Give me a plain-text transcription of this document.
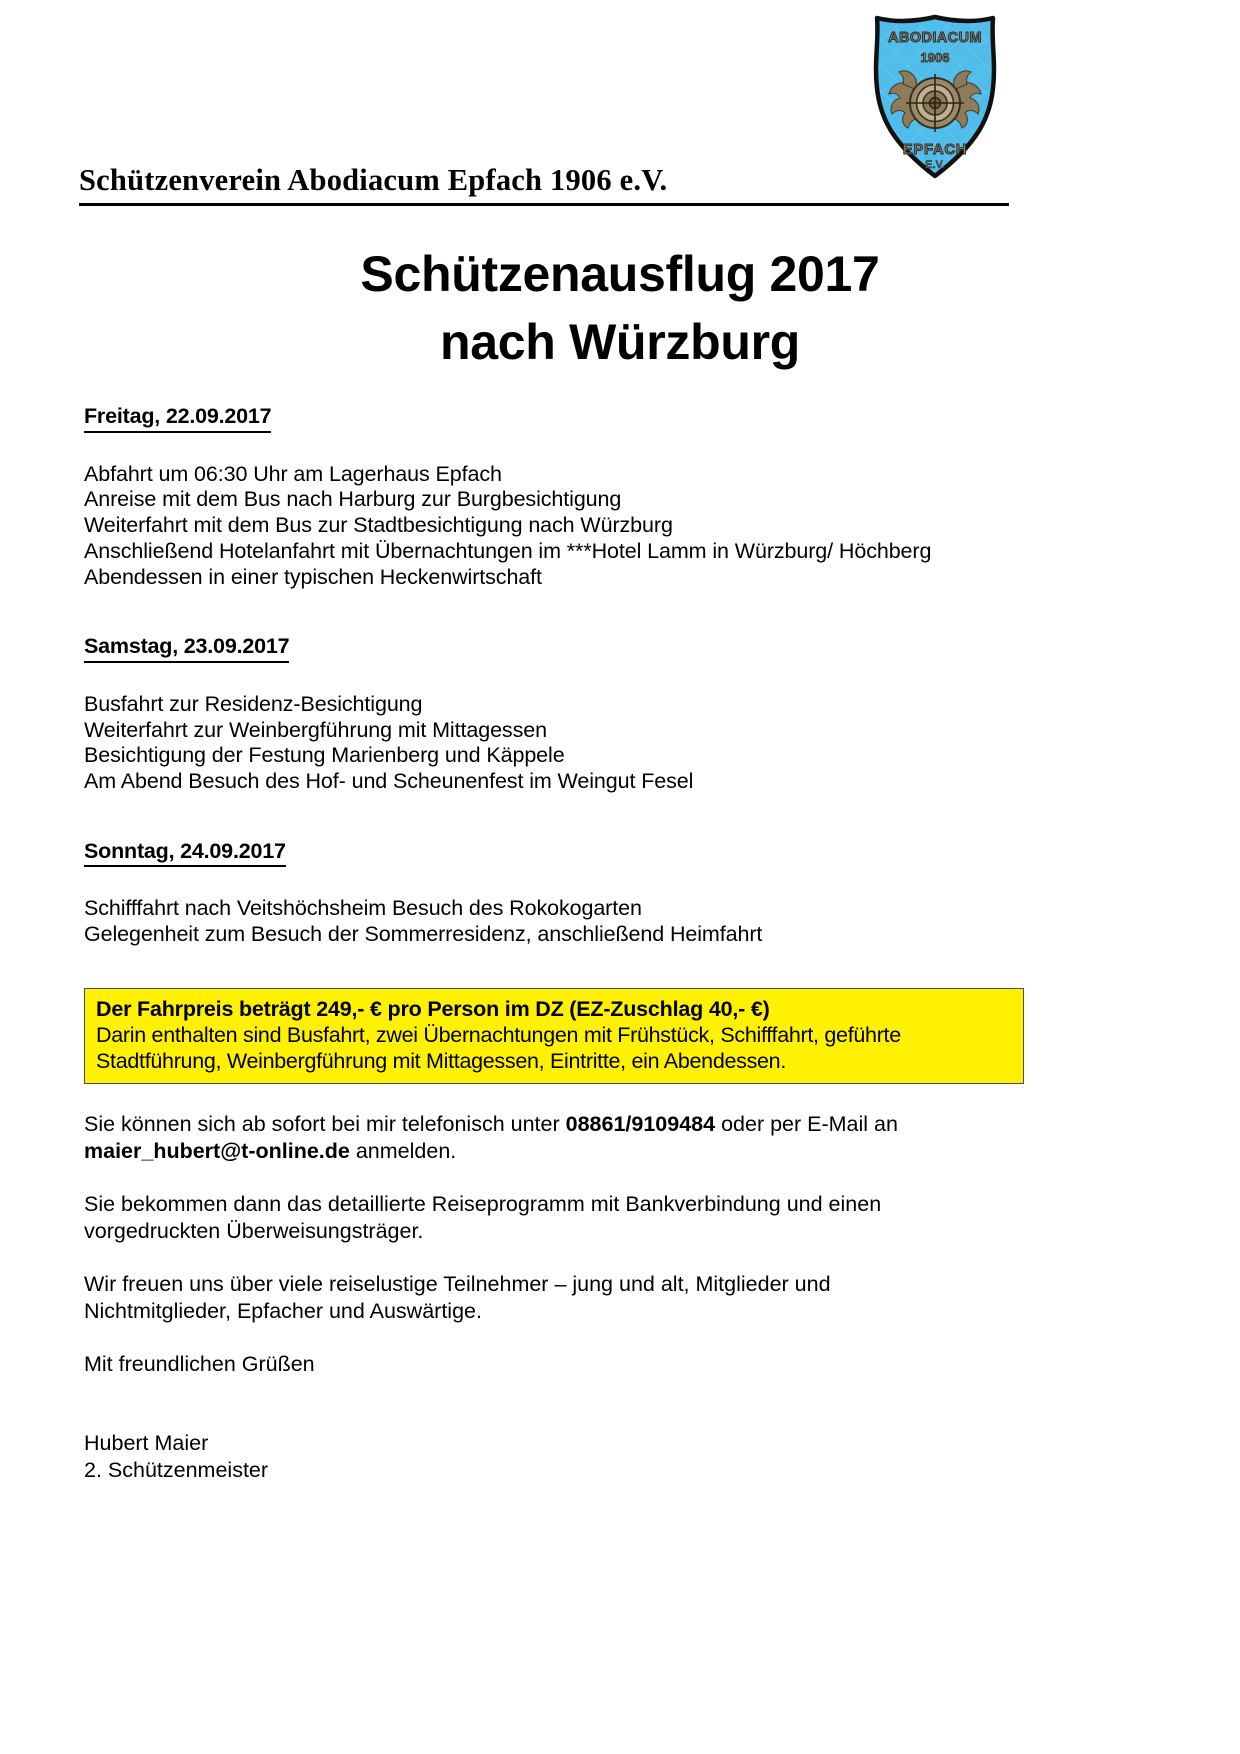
ABODIACUM
1906
EPFACH
E.V.
Schützenverein Abodiacum Epfach 1906 e.V.
Schützenausflug 2017
nach Würzburg
Freitag, 22.09.2017
Abfahrt um 06:30 Uhr am Lagerhaus Epfach
Anreise mit dem Bus nach Harburg zur Burgbesichtigung
Weiterfahrt mit dem Bus zur Stadtbesichtigung nach Würzburg
Anschließend Hotelanfahrt mit Übernachtungen im ***Hotel Lamm in Würzburg/ Höchberg
Abendessen in einer typischen Heckenwirtschaft
Samstag, 23.09.2017
Busfahrt zur Residenz-Besichtigung
Weiterfahrt zur Weinbergführung mit Mittagessen
Besichtigung der Festung Marienberg und Käppele
Am Abend Besuch des Hof- und Scheunenfest im Weingut Fesel
Sonntag, 24.09.2017
Schifffahrt nach Veitshöchsheim Besuch des Rokokogarten
Gelegenheit zum Besuch der Sommerresidenz, anschließend Heimfahrt
Der Fahrpreis beträgt 249,- € pro Person im DZ (EZ-Zuschlag 40,- €)
Darin enthalten sind Busfahrt, zwei Übernachtungen mit Frühstück, Schifffahrt, geführte
Stadtführung, Weinbergführung mit Mittagessen, Eintritte, ein Abendessen.
Sie können sich ab sofort bei mir telefonisch unter 08861/9109484 oder per E-Mail an maier_hubert@t-online.de anmelden.
Sie bekommen dann das detaillierte Reiseprogramm mit Bankverbindung und einen vorgedruckten Überweisungsträger.
Wir freuen uns über viele reiselustige Teilnehmer – jung und alt, Mitglieder und Nichtmitglieder, Epfacher und Auswärtige.
Mit freundlichen Grüßen
Hubert Maier
2. Schützenmeister
